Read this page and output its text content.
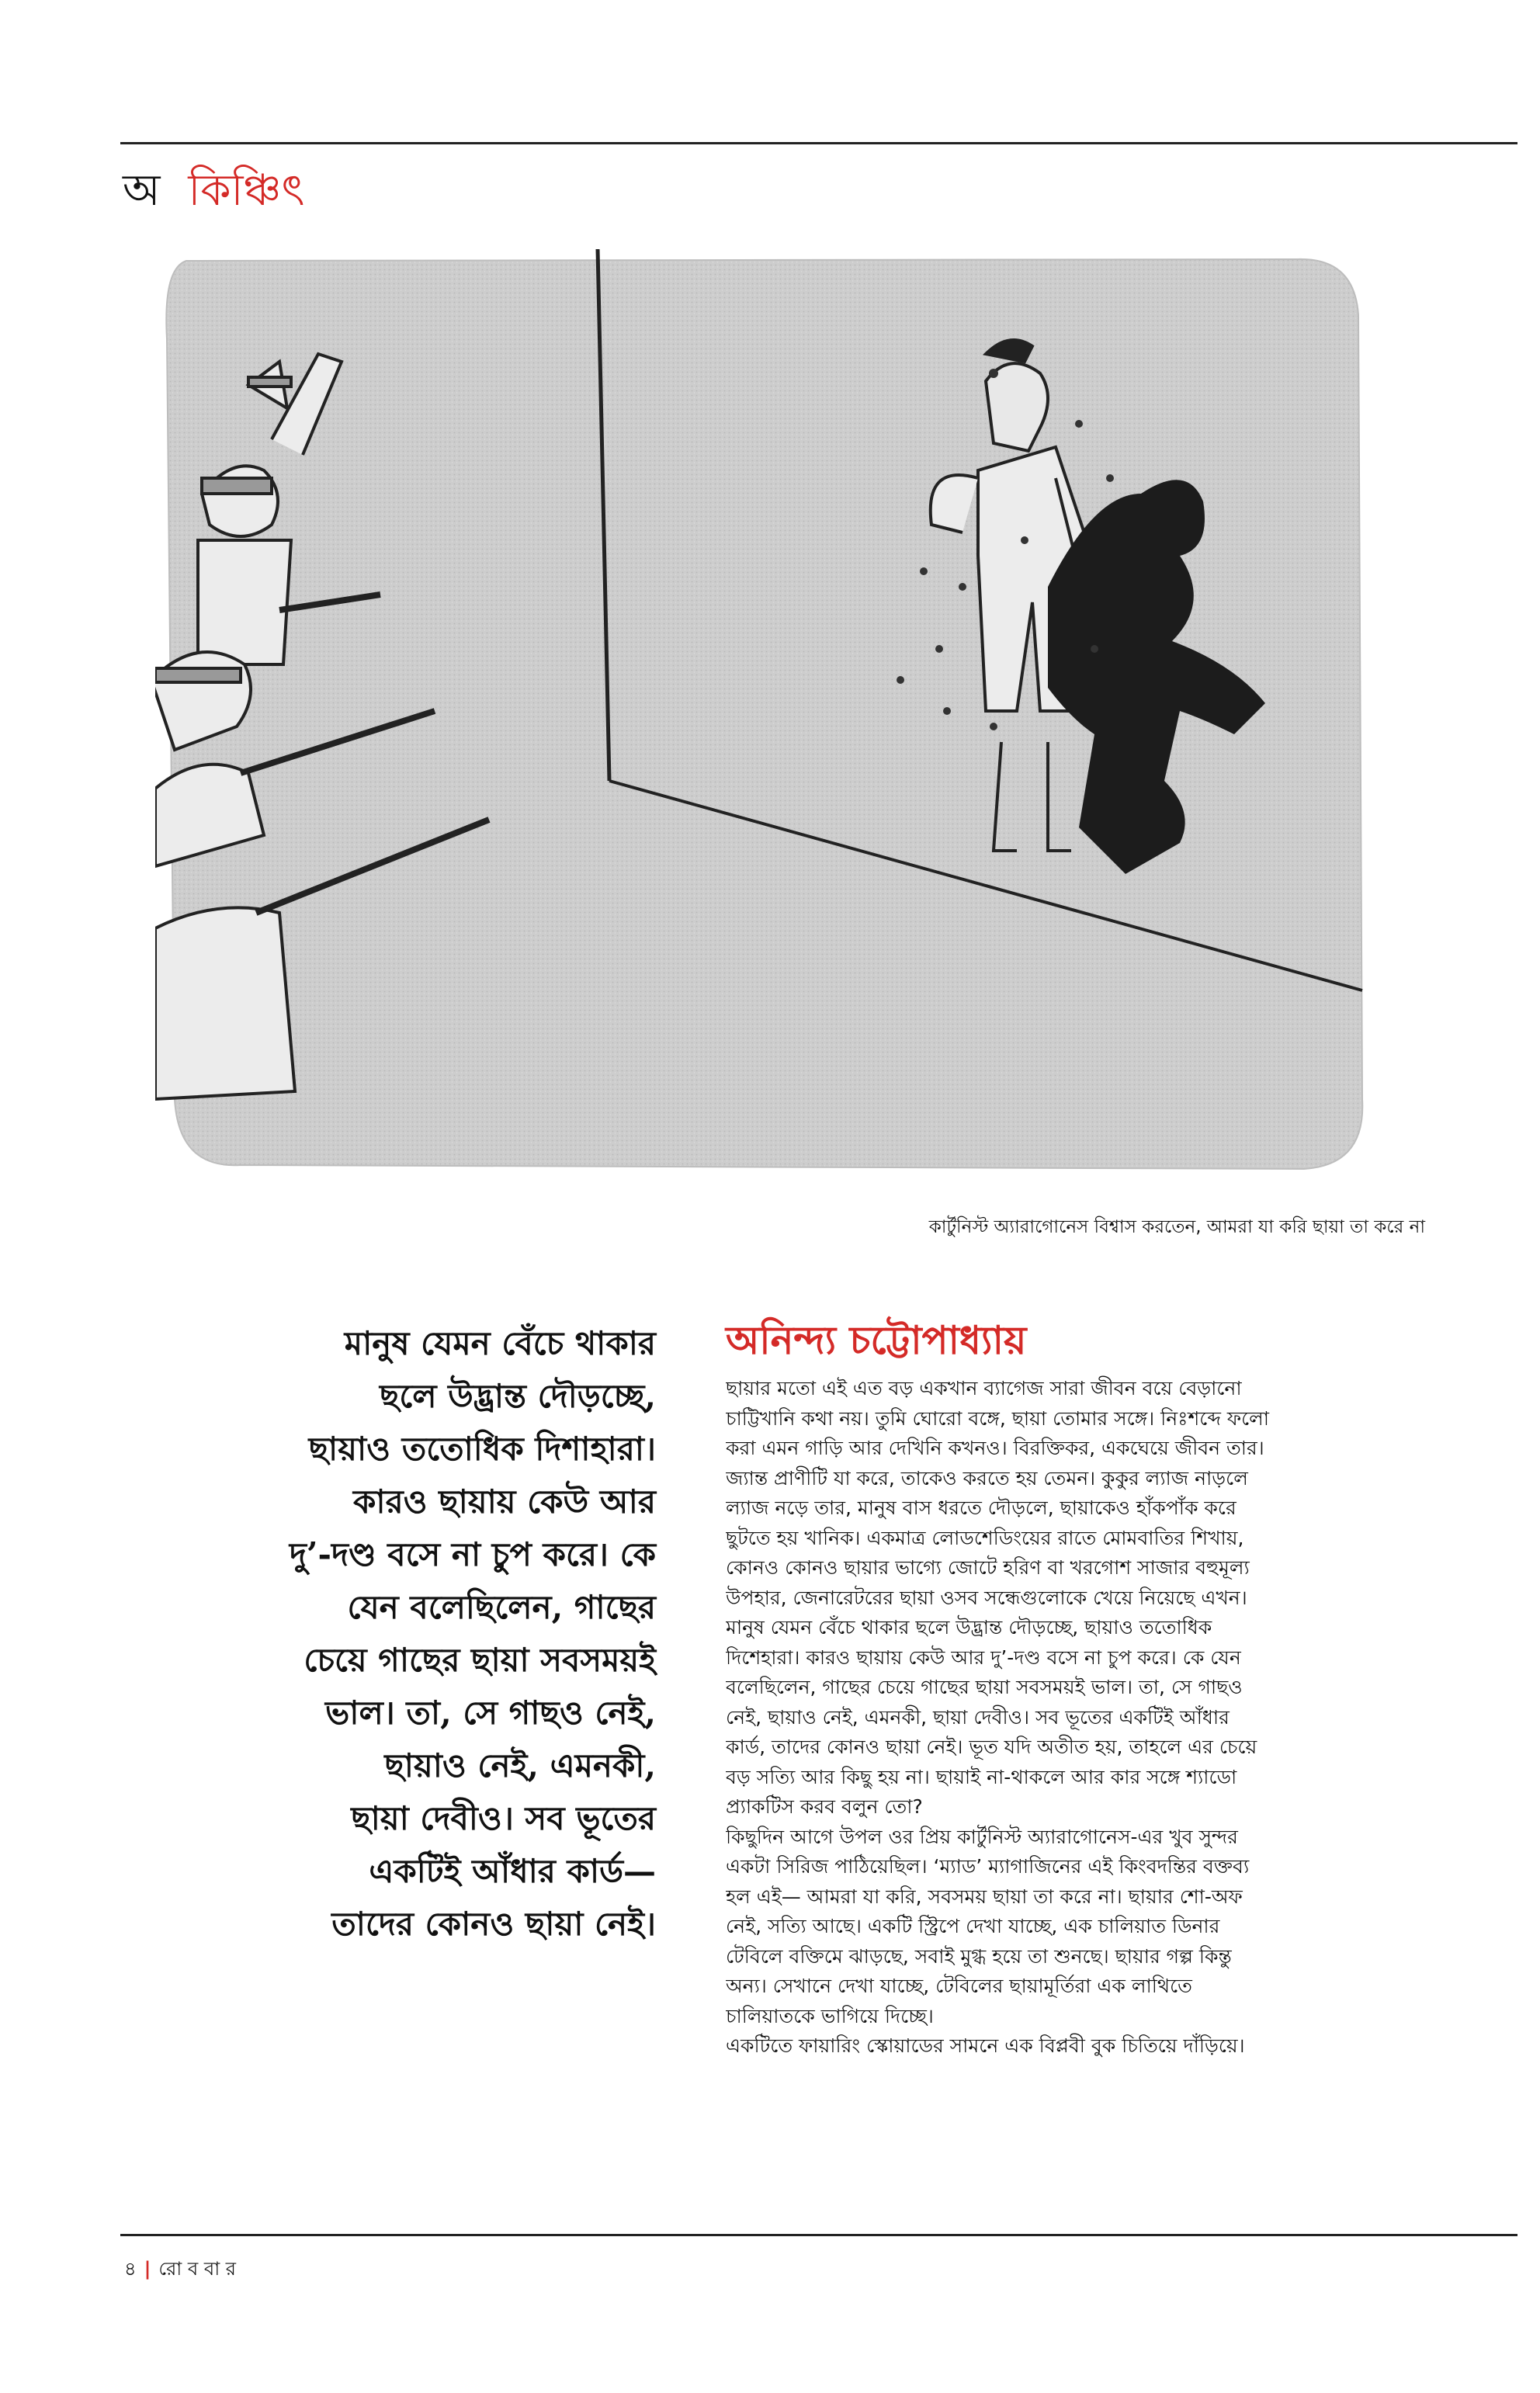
অ কিঞ্চিৎ
কার্টুনিস্ট অ্যারাগোনেস বিশ্বাস করতেন, আমরা যা করি ছায়া তা করে না
মানুষ যেমন বেঁচে থাকার
ছলে উদ্ভ্রান্ত দৌড়চ্ছে,
ছায়াও ততোধিক দিশাহারা।
কারও ছায়ায় কেউ আর
দু’-দণ্ড বসে না চুপ করে। কে
যেন বলেছিলেন, গাছের
চেয়ে গাছের ছায়া সবসময়ই
ভাল। তা, সে গাছও নেই,
ছায়াও নেই, এমনকী,
ছায়া দেবীও। সব ভূতের
একটিই আঁধার কার্ড—
তাদের কোনও ছায়া নেই।
অনিন্দ্য চট্টোপাধ্যায়
ছায়ার মতো এই এত বড় একখান ব্যাগেজ সারা জীবন বয়ে বেড়ানো
চাট্টিখানি কথা নয়। তুমি ঘোরো বঙ্গে, ছায়া তোমার সঙ্গে। নিঃশব্দে ফলো
করা এমন গাড়ি আর দেখিনি কখনও। বিরক্তিকর, একঘেয়ে জীবন তার।
জ্যান্ত প্রাণীটি যা করে, তাকেও করতে হয় তেমন। কুকুর ল্যাজ নাড়লে
ল্যাজ নড়ে তার, মানুষ বাস ধরতে দৌড়লে, ছায়াকেও হাঁকপাঁক করে
ছুটতে হয় খানিক। একমাত্র লোডশেডিংয়ের রাতে মোমবাতির শিখায়,
কোনও কোনও ছায়ার ভাগ্যে জোটে হরিণ বা খরগোশ সাজার বহুমূল্য
উপহার, জেনারেটরের ছায়া ওসব সন্ধেগুলোকে খেয়ে নিয়েছে এখন।
মানুষ যেমন বেঁচে থাকার ছলে উদ্ভ্রান্ত দৌড়চ্ছে, ছায়াও ততোধিক
দিশেহারা। কারও ছায়ায় কেউ আর দু’-দণ্ড বসে না চুপ করে। কে যেন
বলেছিলেন, গাছের চেয়ে গাছের ছায়া সবসময়ই ভাল। তা, সে গাছও
নেই, ছায়াও নেই, এমনকী, ছায়া দেবীও। সব ভূতের একটিই আঁধার
কার্ড, তাদের কোনও ছায়া নেই। ভূত যদি অতীত হয়, তাহলে এর চেয়ে
বড় সত্যি আর কিছু হয় না। ছায়াই না-থাকলে আর কার সঙ্গে শ্যাডো
প্র্যাকটিস করব বলুন তো?
কিছুদিন আগে উপল ওর প্রিয় কার্টুনিস্ট অ্যারাগোনেস-এর খুব সুন্দর
একটা সিরিজ পাঠিয়েছিল। ‘ম্যাড’ ম্যাগাজিনের এই কিংবদন্তির বক্তব্য
হল এই— আমরা যা করি, সবসময় ছায়া তা করে না। ছায়ার শো-অফ
নেই, সত্যি আছে। একটি স্ট্রিপে দেখা যাচ্ছে, এক চালিয়াত ডিনার
টেবিলে বক্তিমে ঝাড়ছে, সবাই মুগ্ধ হয়ে তা শুনছে। ছায়ার গল্প কিন্তু
অন্য। সেখানে দেখা যাচ্ছে, টেবিলের ছায়ামূর্তিরা এক লাথিতে
চালিয়াতকে ভাগিয়ে দিচ্ছে।
একটিতে ফায়ারিং স্কোয়াডের সামনে এক বিপ্লবী বুক চিতিয়ে দাঁড়িয়ে।
৪ | রো ব বা র
